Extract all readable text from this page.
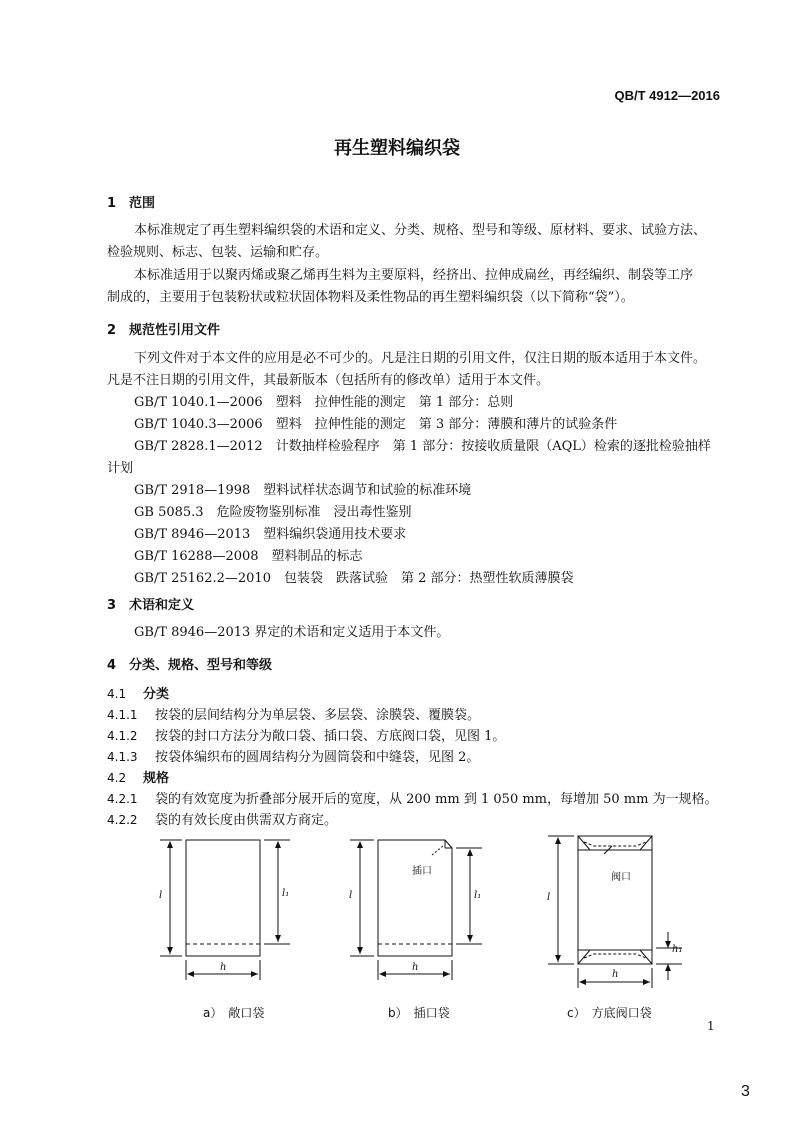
QB/T 4912—2016
再生塑料编织袋
1 范围
本标准规定了再生塑料编织袋的术语和定义、分类、规格、型号和等级、原材料、要求、试验方法、
检验规则、标志、包装、运输和贮存。
本标准适用于以聚丙烯或聚乙烯再生料为主要原料，经挤出、拉伸成扁丝，再经编织、制袋等工序
制成的，主要用于包装粉状或粒状固体物料及柔性物品的再生塑料编织袋（以下简称“袋”）。
2 规范性引用文件
下列文件对于本文件的应用是必不可少的。凡是注日期的引用文件，仅注日期的版本适用于本文件。
凡是不注日期的引用文件，其最新版本（包括所有的修改单）适用于本文件。
GB/T 1040.1—2006　塑料　拉伸性能的测定　第 1 部分：总则
GB/T 1040.3—2006　塑料　拉伸性能的测定　第 3 部分：薄膜和薄片的试验条件
GB/T 2828.1—2012　计数抽样检验程序　第 1 部分：按接收质量限（AQL）检索的逐批检验抽样
计划
GB/T 2918—1998　塑料试样状态调节和试验的标准环境
GB 5085.3　危险废物鉴别标准　浸出毒性鉴别
GB/T 8946—2013　塑料编织袋通用技术要求
GB/T 16288—2008　塑料制品的标志
GB/T 25162.2—2010　包装袋　跌落试验　第 2 部分：热塑性软质薄膜袋
3 术语和定义
GB/T 8946—2013 界定的术语和定义适用于本文件。
4 分类、规格、型号和等级
4.1 分类
4.1.1 按袋的层间结构分为单层袋、多层袋、涂膜袋、覆膜袋。
4.1.2 按袋的封口方法分为敞口袋、插口袋、方底阀口袋，见图 1。
4.1.3 按袋体编织布的圆周结构分为圆筒袋和中缝袋，见图 2。
4.2 规格
4.2.1 袋的有效宽度为折叠部分展开后的宽度，从 200 mm 到 1 050 mm，每增加 50 mm 为一规格。
4.2.2 袋的有效长度由供需双方商定。
l	l₁
h
插口
l	l₁
h
阀口
l
h₁
h
a）　敞口袋	b）　插口袋	c）　方底阀口袋
1
3
